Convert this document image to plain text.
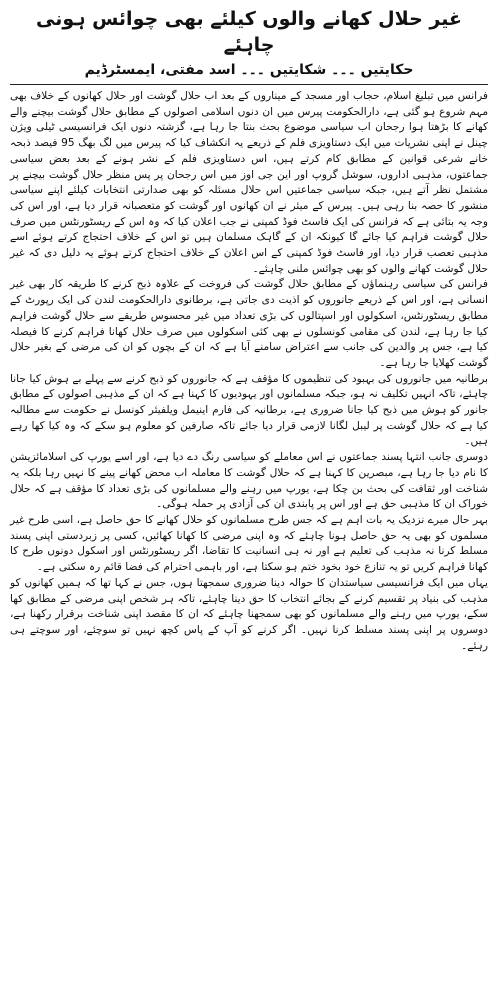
غیر حلال کھانے والوں کیلئے بھی چوائس ہونی چاہئے
حکایتیں ۔۔۔ شکایتیں ۔۔۔ اسد مفتی، ایمسٹرڈیم

فرانس میں تبلیغ اسلام، حجاب اور مسجد کے میناروں کے بعد اب حلال گوشت اور حلال کھانوں کے خلاف بھی مہم شروع ہو گئی ہے، دارالحکومت پیرس میں ان دنوں اسلامی اصولوں کے مطابق حلال گوشت بیچنے والے کھانے کا بڑھتا ہوا رجحان اب سیاسی موضوع بحث بنتا جا رہا ہے، گزشتہ دنوں ایک فرانسیسی ٹیلی ویژن چینل نے اپنی نشریات میں ایک دستاویزی فلم کے ذریعے یہ انکشاف کیا کہ پیرس میں لگ بھگ 95 فیصد ذبحہ خانے شرعی قوانین کے مطابق کام کرتے ہیں، اس دستاویزی فلم کے نشر ہونے کے بعد بعض سیاسی جماعتوں، مذہبی اداروں، سوشل گروپ اور این جی اوز میں اس رجحان پر پس منظر حلال گوشت بیچنے پر مشتمل نظر آتے ہیں، جبکہ سیاسی جماعتیں اس حلال مسئلہ کو بھی صدارتی انتخابات کیلئے اپنے سیاسی منشور کا حصہ بنا رہی ہیں۔ پیرس کے میئر نے ان کھانوں اور گوشت کو متعصبانہ قرار دیا ہے، اور اس کی وجہ یہ بتائی ہے کہ فرانس کی ایک فاسٹ فوڈ کمپنی نے جب اعلان کیا کہ وہ اس کے ریسٹورنٹس میں صرف حلال گوشت فراہم کیا جائے گا کیونکہ ان کے گاہک مسلمان ہیں تو اس کے خلاف احتجاج کرتے ہوئے اسے مذہبی تعصب قرار دیا، اور فاسٹ فوڈ کمپنی کے اس اعلان کے خلاف احتجاج کرتے ہوئے یہ دلیل دی کہ غیر حلال گوشت کھانے والوں کو بھی چوائس ملنی چاہئے۔

فرانس کی سیاسی رہنماؤں کے مطابق حلال گوشت کی فروخت کے علاوہ ذبح کرنے کا طریقہ کار بھی غیر انسانی ہے، اور اس کے ذریعے جانوروں کو اذیت دی جاتی ہے، برطانوی دارالحکومت لندن کی ایک رپورٹ کے مطابق ریسٹورنٹس، اسکولوں اور اسپتالوں کی بڑی تعداد میں غیر محسوس طریقے سے حلال گوشت فراہم کیا جا رہا ہے، لندن کی مقامی کونسلوں نے بھی کئی اسکولوں میں صرف حلال کھانا فراہم کرنے کا فیصلہ کیا ہے، جس پر والدین کی جانب سے اعتراض سامنے آیا ہے کہ ان کے بچوں کو ان کی مرضی کے بغیر حلال گوشت کھلایا جا رہا ہے۔

برطانیہ میں جانوروں کی بہبود کی تنظیموں کا مؤقف ہے کہ جانوروں کو ذبح کرنے سے پہلے بے ہوش کیا جانا چاہئے، تاکہ انہیں تکلیف نہ ہو، جبکہ مسلمانوں اور یہودیوں کا کہنا ہے کہ ان کے مذہبی اصولوں کے مطابق جانور کو ہوش میں ذبح کیا جانا ضروری ہے، برطانیہ کی فارم اینیمل ویلفیئر کونسل نے حکومت سے مطالبہ کیا ہے کہ حلال گوشت پر لیبل لگانا لازمی قرار دیا جائے تاکہ صارفین کو معلوم ہو سکے کہ وہ کیا کھا رہے ہیں۔

دوسری جانب انتہا پسند جماعتوں نے اس معاملے کو سیاسی رنگ دے دیا ہے، اور اسے یورپ کی اسلامائزیشن کا نام دیا جا رہا ہے، مبصرین کا کہنا ہے کہ حلال گوشت کا معاملہ اب محض کھانے پینے کا نہیں رہا بلکہ یہ شناخت اور ثقافت کی بحث بن چکا ہے، یورپ میں رہنے والے مسلمانوں کی بڑی تعداد کا مؤقف ہے کہ حلال خوراک ان کا مذہبی حق ہے اور اس پر پابندی ان کی آزادی پر حملہ ہوگی۔

بہر حال میرے نزدیک یہ بات اہم ہے کہ جس طرح مسلمانوں کو حلال کھانے کا حق حاصل ہے، اسی طرح غیر مسلموں کو بھی یہ حق حاصل ہونا چاہئے کہ وہ اپنی مرضی کا کھانا کھائیں، کسی پر زبردستی اپنی پسند مسلط کرنا نہ مذہب کی تعلیم ہے اور نہ ہی انسانیت کا تقاضا، اگر ریسٹورنٹس اور اسکول دونوں طرح کا کھانا فراہم کریں تو یہ تنازع خود بخود ختم ہو سکتا ہے، اور باہمی احترام کی فضا قائم رہ سکتی ہے۔

یہاں میں ایک فرانسیسی سیاستدان کا حوالہ دینا ضروری سمجھتا ہوں، جس نے کہا تھا کہ ہمیں کھانوں کو مذہب کی بنیاد پر تقسیم کرنے کے بجائے انتخاب کا حق دینا چاہئے، تاکہ ہر شخص اپنی مرضی کے مطابق کھا سکے، یورپ میں رہنے والے مسلمانوں کو بھی سمجھنا چاہئے کہ ان کا مقصد اپنی شناخت برقرار رکھنا ہے، دوسروں پر اپنی پسند مسلط کرنا نہیں۔ اگر کرنے کو آپ کے پاس کچھ نہیں تو سوچئے، اور سوچتے ہی رہئے۔
